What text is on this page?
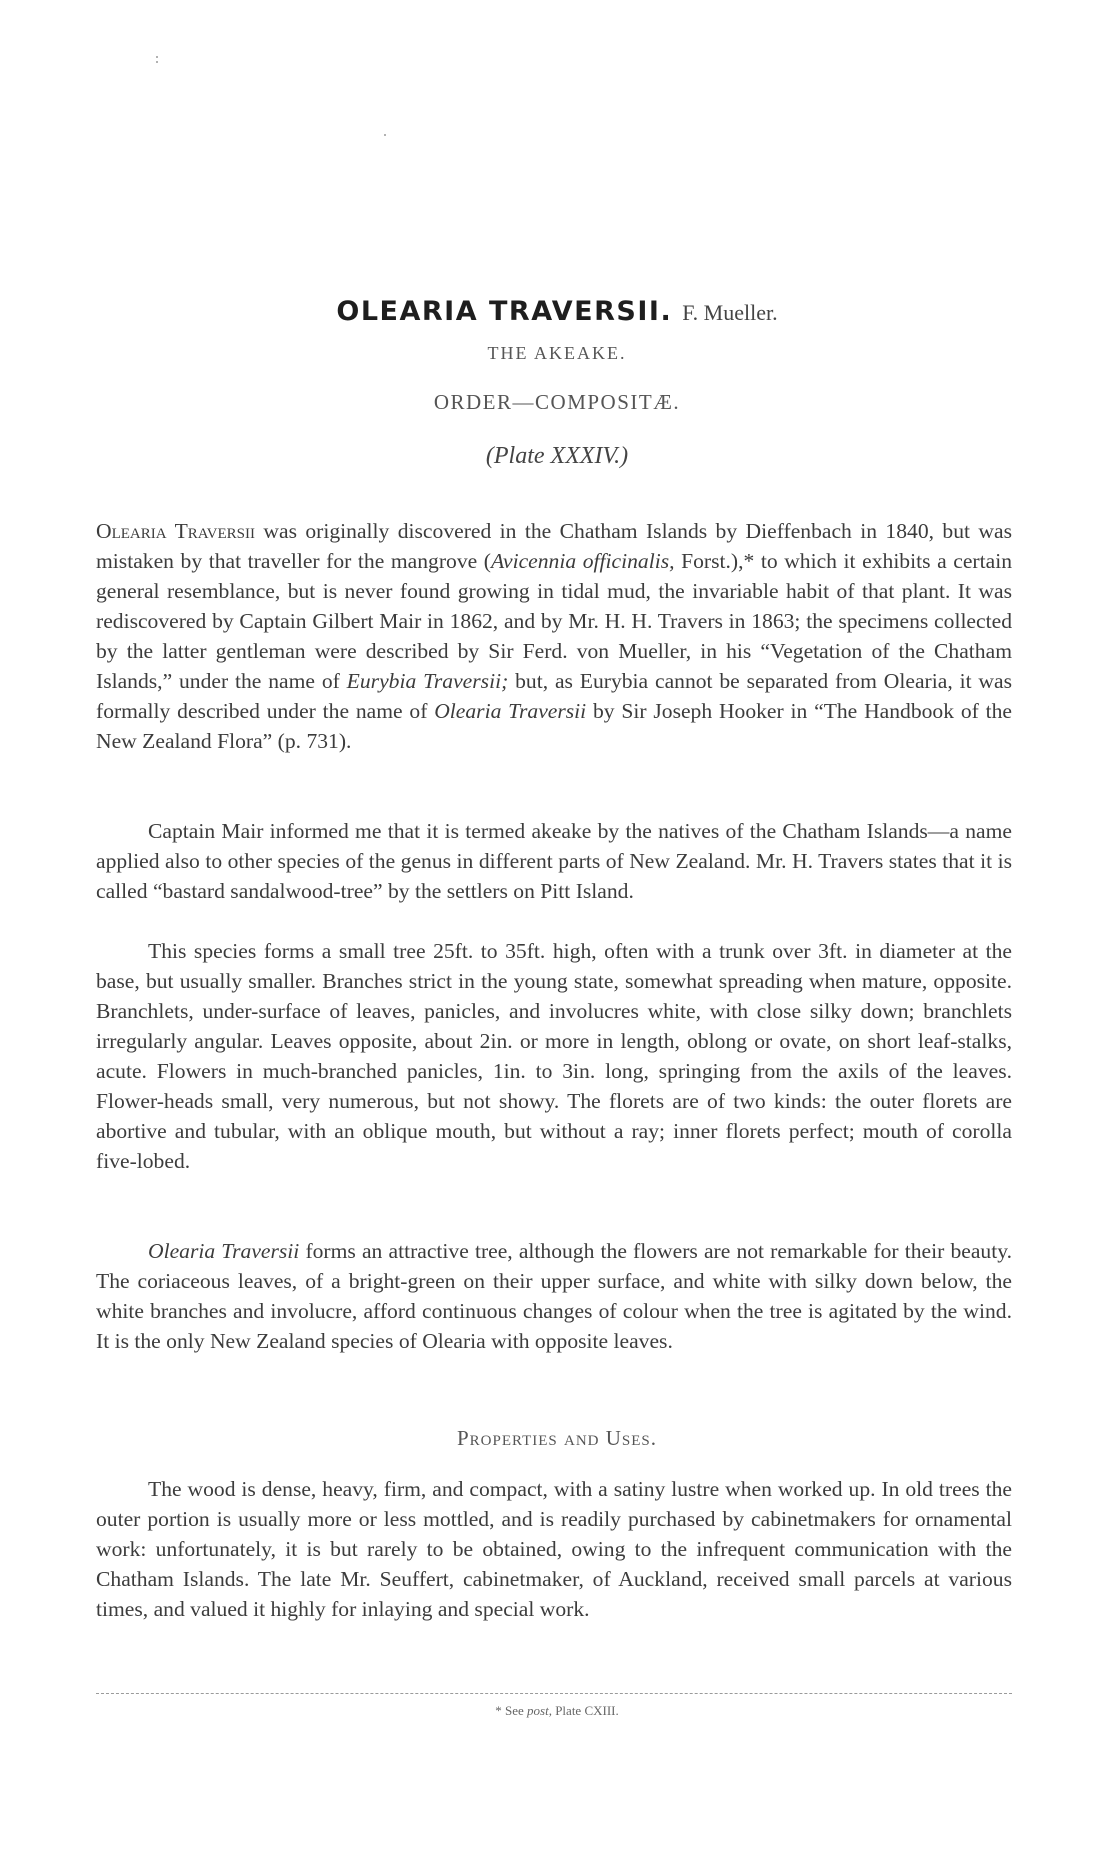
OLEARIA TRAVERSII. F. Mueller.
THE AKEAKE.
ORDER—COMPOSITÆ.
(Plate XXXIV.)

Olearia Traversii was originally discovered in the Chatham Islands by Dieffenbach in 1840, but was mistaken by that traveller for the mangrove (Avicennia officinalis, Forst.),* to which it exhibits a certain general resemblance, but is never found growing in tidal mud, the invariable habit of that plant. It was rediscovered by Captain Gilbert Mair in 1862, and by Mr. H. H. Travers in 1863; the specimens collected by the latter gentleman were described by Sir Ferd. von Mueller, in his “Vegetation of the Chatham Islands,” under the name of Eurybia Traversii; but, as Eurybia cannot be separated from Olearia, it was formally described under the name of Olearia Traversii by Sir Joseph Hooker in “The Handbook of the New Zealand Flora” (p. 731).

Captain Mair informed me that it is termed akeake by the natives of the Chatham Islands—a name applied also to other species of the genus in different parts of New Zealand. Mr. H. Travers states that it is called “bastard sandalwood-tree” by the settlers on Pitt Island.

This species forms a small tree 25ft. to 35ft. high, often with a trunk over 3ft. in diameter at the base, but usually smaller. Branches strict in the young state, somewhat spreading when mature, opposite. Branchlets, under-surface of leaves, panicles, and involucres white, with close silky down; branchlets irregularly angular. Leaves opposite, about 2in. or more in length, oblong or ovate, on short leaf-stalks, acute. Flowers in much-branched panicles, 1in. to 3in. long, springing from the axils of the leaves. Flower-heads small, very numerous, but not showy. The florets are of two kinds: the outer florets are abortive and tubular, with an oblique mouth, but without a ray; inner florets perfect; mouth of corolla five-lobed.

Olearia Traversii forms an attractive tree, although the flowers are not remarkable for their beauty. The coriaceous leaves, of a bright-green on their upper surface, and white with silky down below, the white branches and involucre, afford continuous changes of colour when the tree is agitated by the wind. It is the only New Zealand species of Olearia with opposite leaves.

Properties and Uses.

The wood is dense, heavy, firm, and compact, with a satiny lustre when worked up. In old trees the outer portion is usually more or less mottled, and is readily purchased by cabinetmakers for ornamental work: unfortunately, it is but rarely to be obtained, owing to the infrequent communication with the Chatham Islands. The late Mr. Seuffert, cabinetmaker, of Auckland, received small parcels at various times, and valued it highly for inlaying and special work.

* See post, Plate CXIII.
